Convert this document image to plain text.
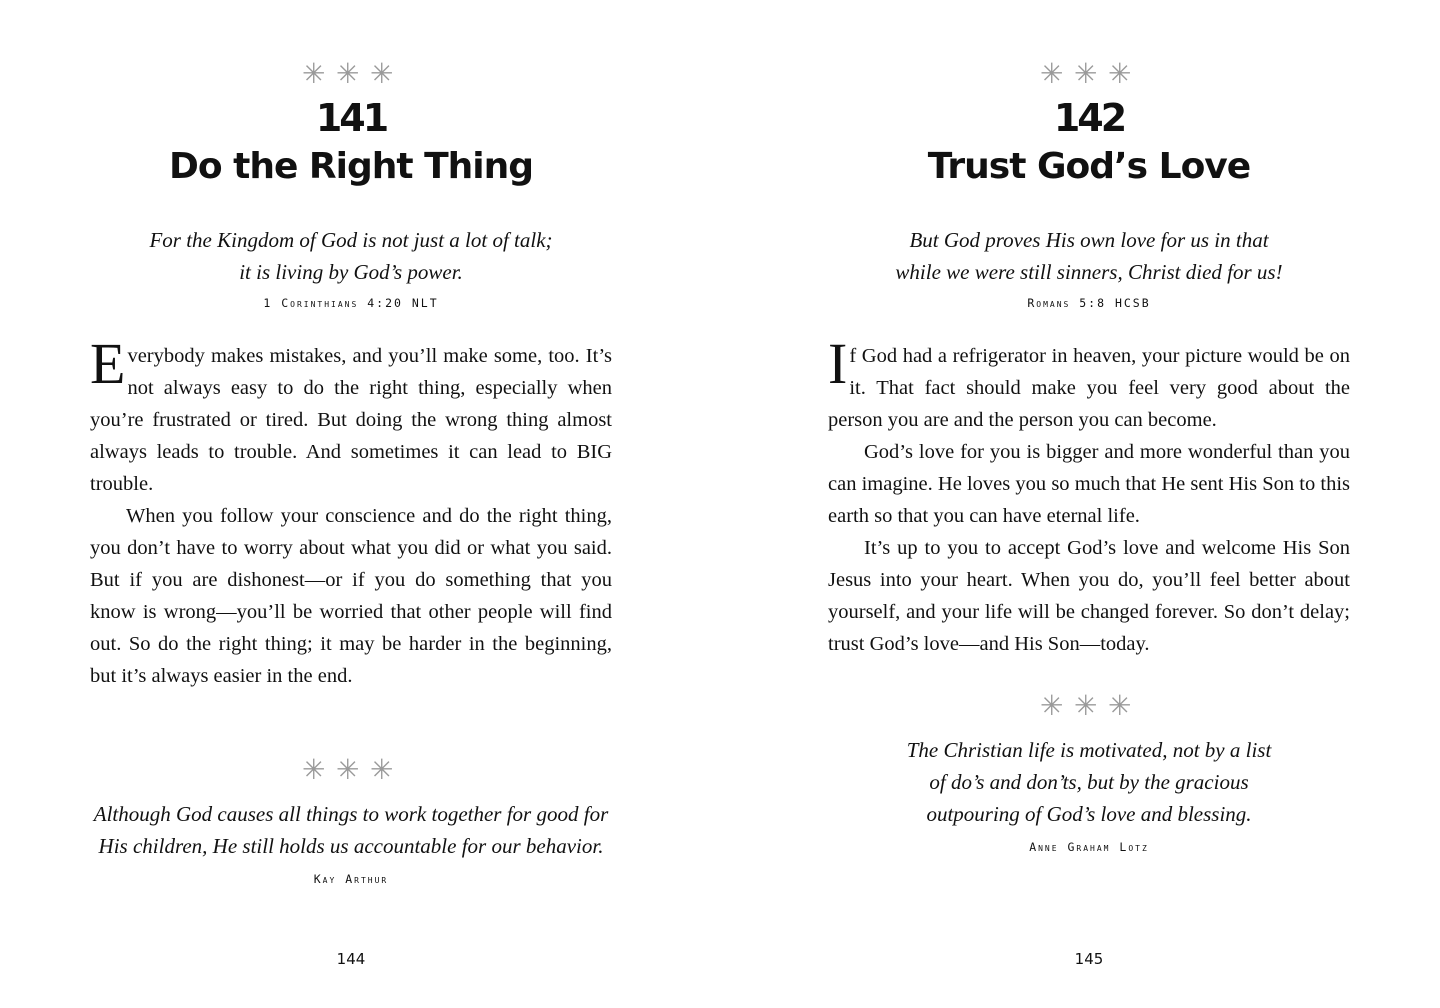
✳ ✳ ✳
141
Do the Right Thing
For the Kingdom of God is not just a lot of talk;
it is living by God’s power.
1 Corinthians 4:20 NLT

Everybody makes mistakes, and you’ll make some, too. It’s not always easy to do the right thing, especially when you’re frustrated or tired. But doing the wrong thing almost always leads to trouble. And sometimes it can lead to BIG trouble.

When you follow your conscience and do the right thing, you don’t have to worry about what you did or what you said. But if you are dishonest—or if you do something that you know is wrong—you’ll be worried that other people will find out. So do the right thing; it may be harder in the beginning, but it’s always easier in the end.

✳ ✳ ✳
Although God causes all things to work together for good for
His children, He still holds us accountable for our behavior.
Kay Arthur
144
✳ ✳ ✳
142
Trust God’s Love
But God proves His own love for us in that
while we were still sinners, Christ died for us!
Romans 5:8 HCSB

If God had a refrigerator in heaven, your picture would be on it. That fact should make you feel very good about the person you are and the person you can become.

God’s love for you is bigger and more wonderful than you can imagine. He loves you so much that He sent His Son to this earth so that you can have eternal life.

It’s up to you to accept God’s love and welcome His Son Jesus into your heart. When you do, you’ll feel better about yourself, and your life will be changed forever. So don’t delay; trust God’s love—and His Son—today.

✳ ✳ ✳
The Christian life is motivated, not by a list
of do’s and don’ts, but by the gracious
outpouring of God’s love and blessing.
Anne Graham Lotz
145
